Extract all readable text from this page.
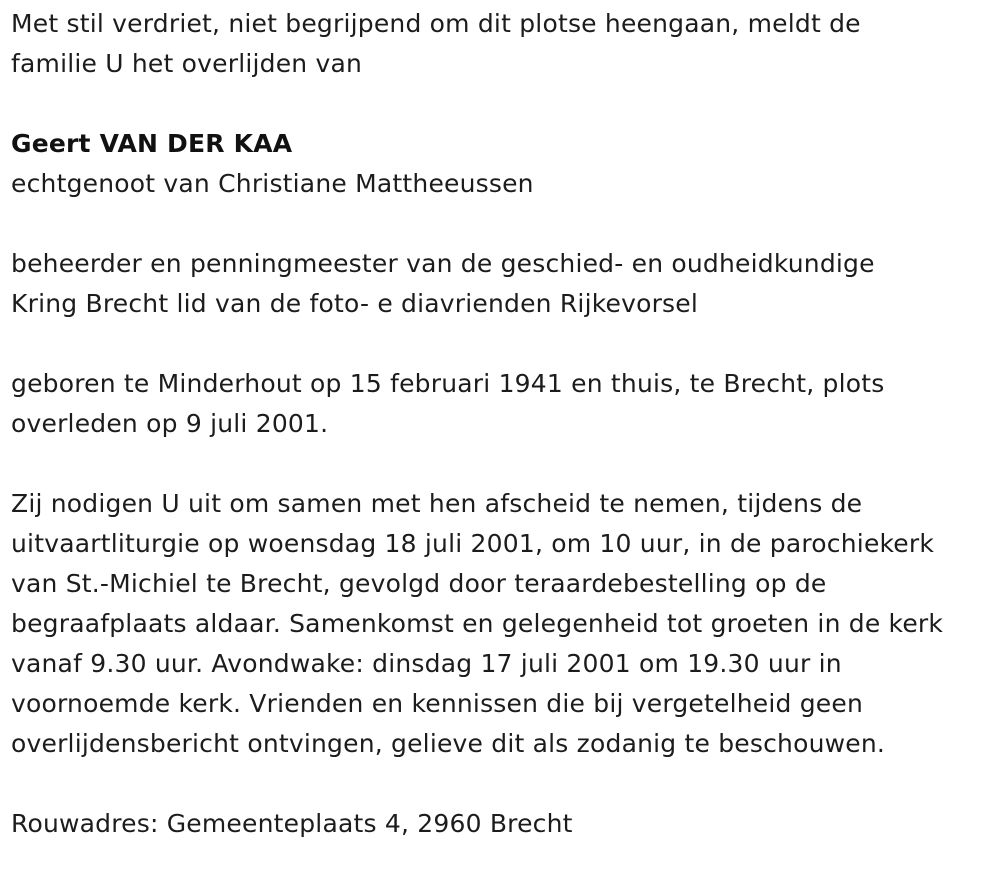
Met stil verdriet, niet begrijpend om dit plotse heengaan, meldt de
familie U het overlijden van

Geert VAN DER KAA

echtgenoot van Christiane Mattheeussen

beheerder en penningmeester van de geschied- en oudheidkundige
Kring Brecht lid van de foto- e diavrienden Rijkevorsel

geboren te Minderhout op 15 februari 1941 en thuis, te Brecht, plots
overleden op 9 juli 2001.

Zij nodigen U uit om samen met hen afscheid te nemen, tijdens de
uitvaartliturgie op woensdag 18 juli 2001, om 10 uur, in de parochiekerk
van St.-Michiel te Brecht, gevolgd door teraardebestelling op de
begraafplaats aldaar. Samenkomst en gelegenheid tot groeten in de kerk
vanaf 9.30 uur. Avondwake: dinsdag 17 juli 2001 om 19.30 uur in
voornoemde kerk. Vrienden en kennissen die bij vergetelheid geen
overlijdensbericht ontvingen, gelieve dit als zodanig te beschouwen.

Rouwadres: Gemeenteplaats 4, 2960 Brecht
